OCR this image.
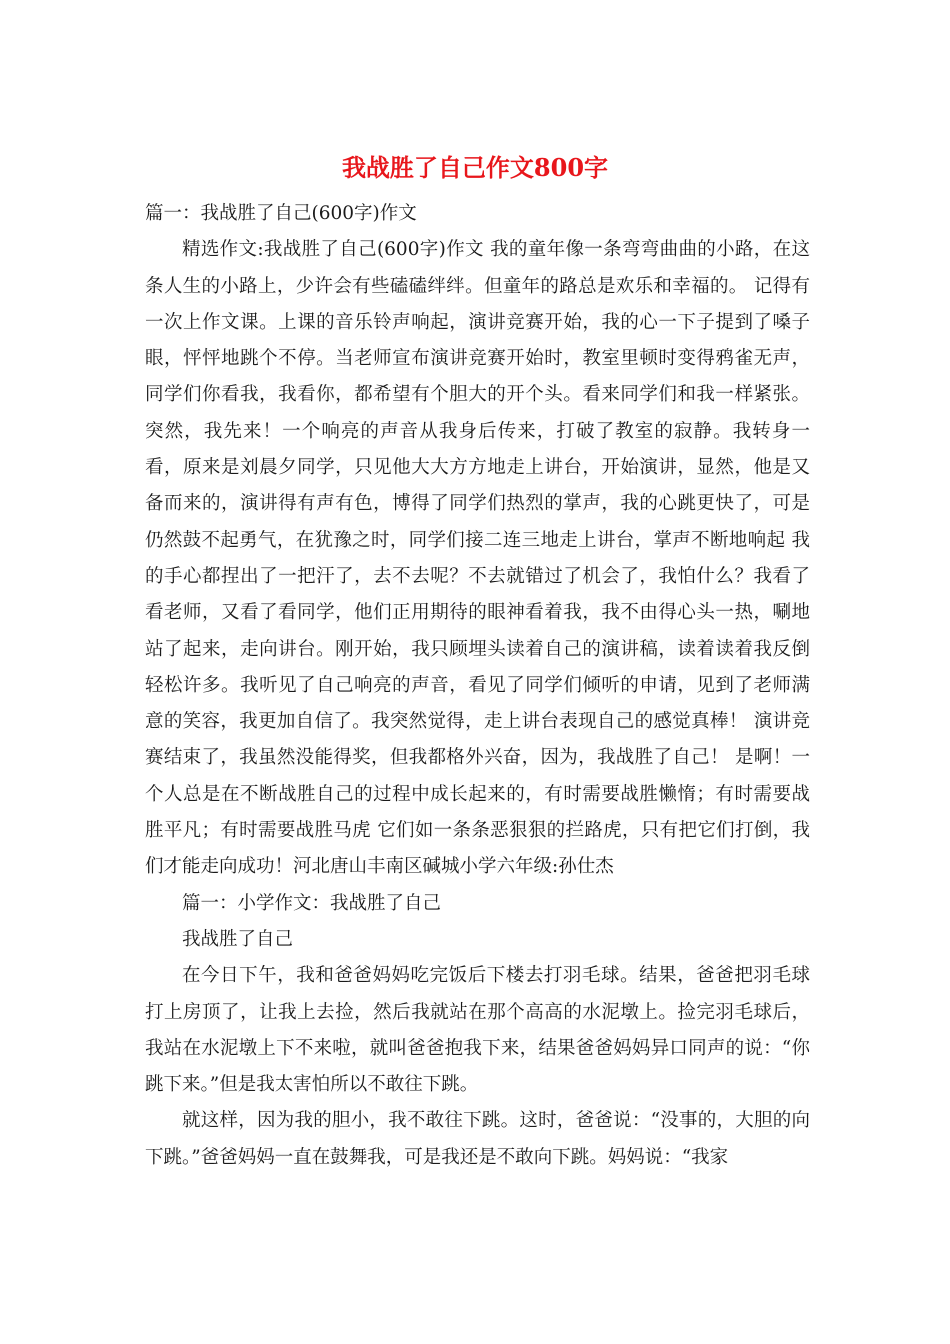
我战胜了自己作文800字

篇一：我战胜了自己(600字)作文

精选作文:我战胜了自己(600字)作文 我的童年像一条弯弯曲曲的小路，在这条人生的小路上，少许会有些磕磕绊绊。但童年的路总是欢乐和幸福的。 记得有一次上作文课。上课的音乐铃声响起，演讲竞赛开始，我的心一下子提到了嗓子眼，怦怦地跳个不停。当老师宣布演讲竞赛开始时，教室里顿时变得鸦雀无声，同学们你看我，我看你，都希望有个胆大的开个头。看来同学们和我一样紧张。突然，我先来！一个响亮的声音从我身后传来，打破了教室的寂静。我转身一看，原来是刘晨夕同学，只见他大大方方地走上讲台，开始演讲，显然，他是又备而来的，演讲得有声有色，博得了同学们热烈的掌声，我的心跳更快了，可是仍然鼓不起勇气，在犹豫之时，同学们接二连三地走上讲台，掌声不断地响起 我的手心都捏出了一把汗了，去不去呢？不去就错过了机会了，我怕什么？我看了看老师，又看了看同学，他们正用期待的眼神看着我，我不由得心头一热，唰地站了起来，走向讲台。刚开始，我只顾埋头读着自己的演讲稿，读着读着我反倒轻松许多。我听见了自己响亮的声音，看见了同学们倾听的申请，见到了老师满意的笑容，我更加自信了。我突然觉得，走上讲台表现自己的感觉真棒！ 演讲竞赛结束了，我虽然没能得奖，但我都格外兴奋，因为，我战胜了自己！ 是啊！一个人总是在不断战胜自己的过程中成长起来的，有时需要战胜懒惰；有时需要战胜平凡；有时需要战胜马虎 它们如一条条恶狠狠的拦路虎，只有把它们打倒，我们才能走向成功！河北唐山丰南区碱城小学六年级:孙仕杰

篇一：小学作文：我战胜了自己

我战胜了自己

在今日下午，我和爸爸妈妈吃完饭后下楼去打羽毛球。结果，爸爸把羽毛球打上房顶了，让我上去捡，然后我就站在那个高高的水泥墩上。捡完羽毛球后，我站在水泥墩上下不来啦，就叫爸爸抱我下来，结果爸爸妈妈异口同声的说：“你跳下来。”但是我太害怕所以不敢往下跳。

就这样，因为我的胆小，我不敢往下跳。这时，爸爸说：“没事的，大胆的向下跳。”爸爸妈妈一直在鼓舞我，可是我还是不敢向下跳。妈妈说：“我家
